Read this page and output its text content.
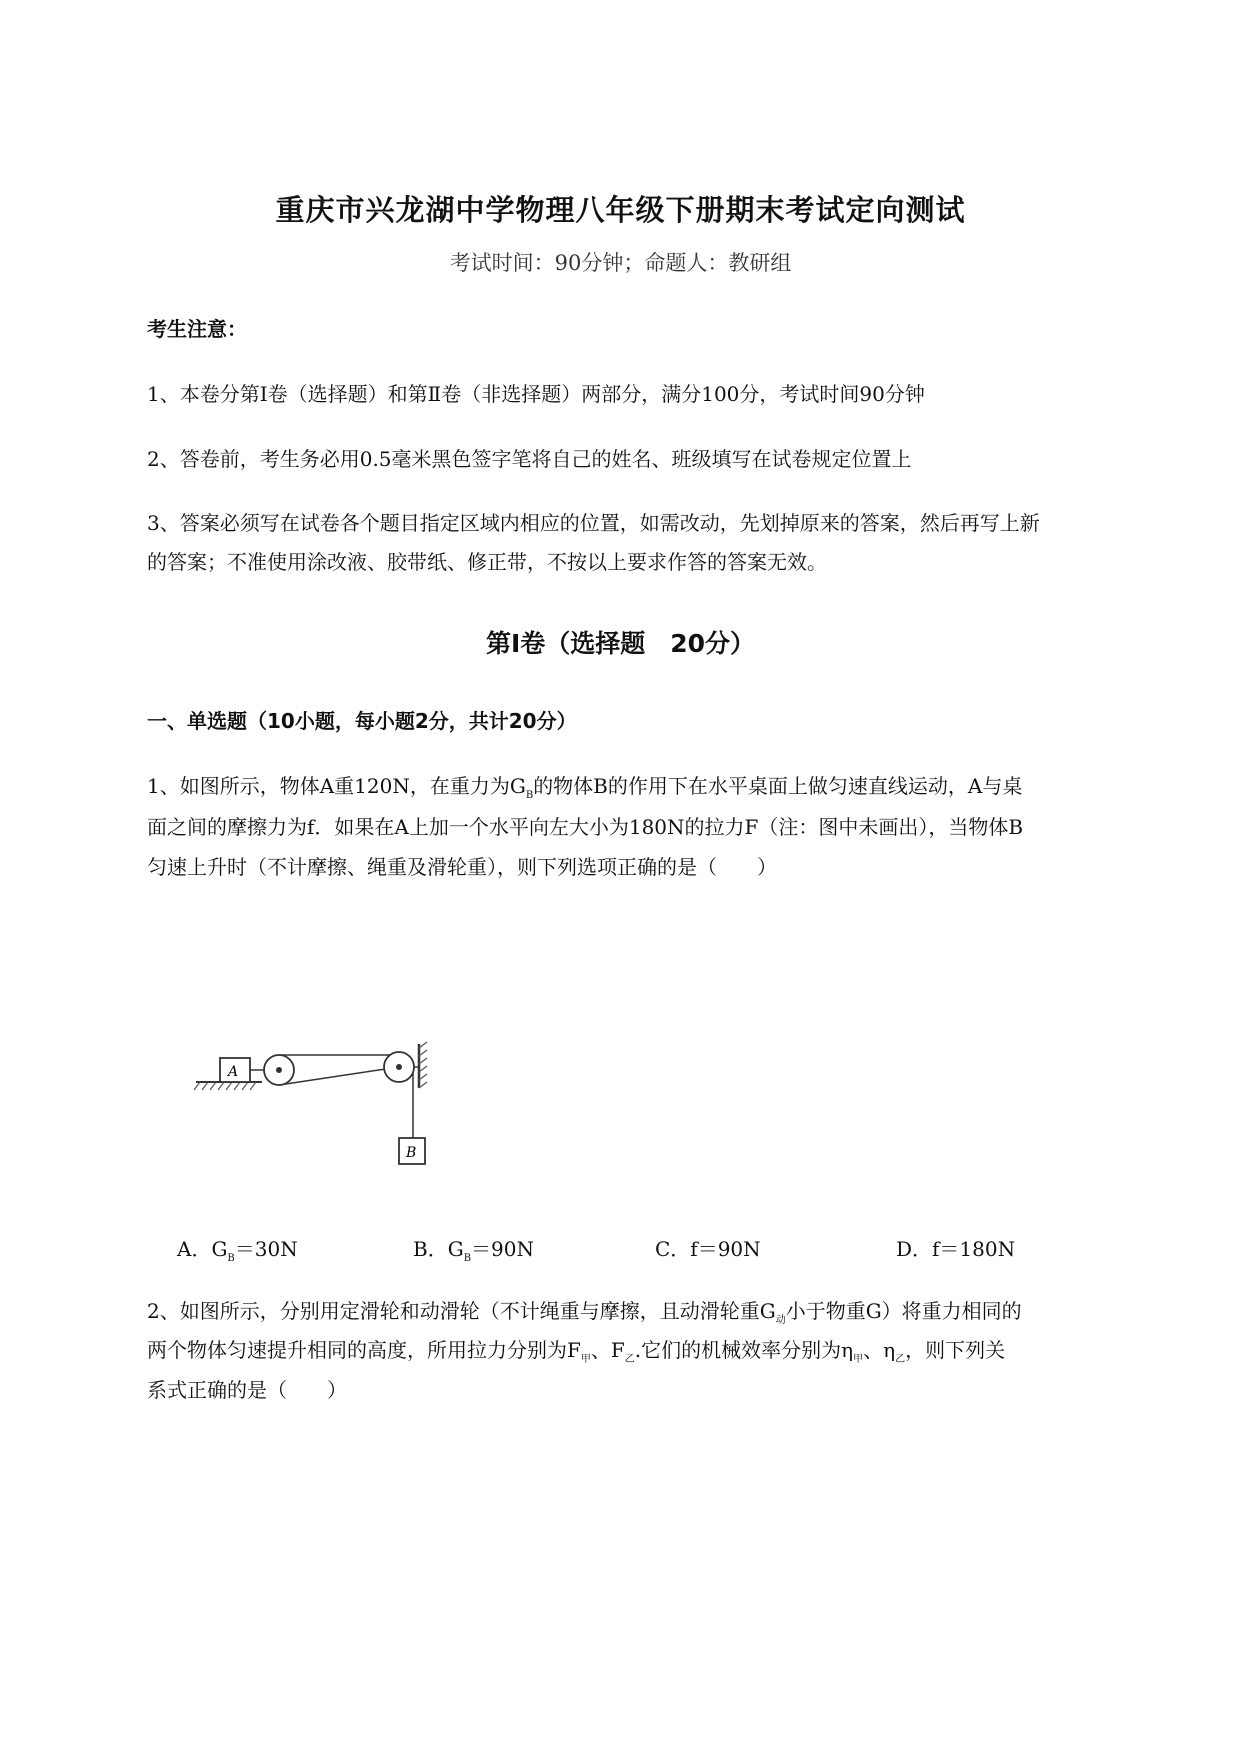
重庆市兴龙湖中学物理八年级下册期末考试定向测试
考试时间：90分钟；命题人：教研组
考生注意：
1、本卷分第I卷（选择题）和第Ⅱ卷（非选择题）两部分，满分100分，考试时间90分钟
2、答卷前，考生务必用0.5毫米黑色签字笔将自己的姓名、班级填写在试卷规定位置上
3、答案必须写在试卷各个题目指定区域内相应的位置，如需改动，先划掉原来的答案，然后再写上新
的答案；不准使用涂改液、胶带纸、修正带，不按以上要求作答的答案无效。
第I卷（选择题　20分）
一、单选题（10小题，每小题2分，共计20分）
1、如图所示，物体A重120N，在重力为$G_B$的物体B的作用下在水平桌面上做匀速直线运动，A与桌
面之间的摩擦力为f．如果在A上加一个水平向左大小为180N的拉力F（注：图中未画出），当物体B
匀速上升时（不计摩擦、绳重及滑轮重），则下列选项正确的是（　　）
A
B
A．$G_B=30N$	B．$G_B=90N$	C．f＝90N	D．f＝180N
2、如图所示，分别用定滑轮和动滑轮（不计绳重与摩擦，且动滑轮重$G_动$小于物重G）将重力相同的
两个物体匀速提升相同的高度，所用拉力分别为$F_甲$、$F_乙$.它们的机械效率分别为$\eta_甲$、$\eta_乙$，则下列关
系式正确的是（　　）
